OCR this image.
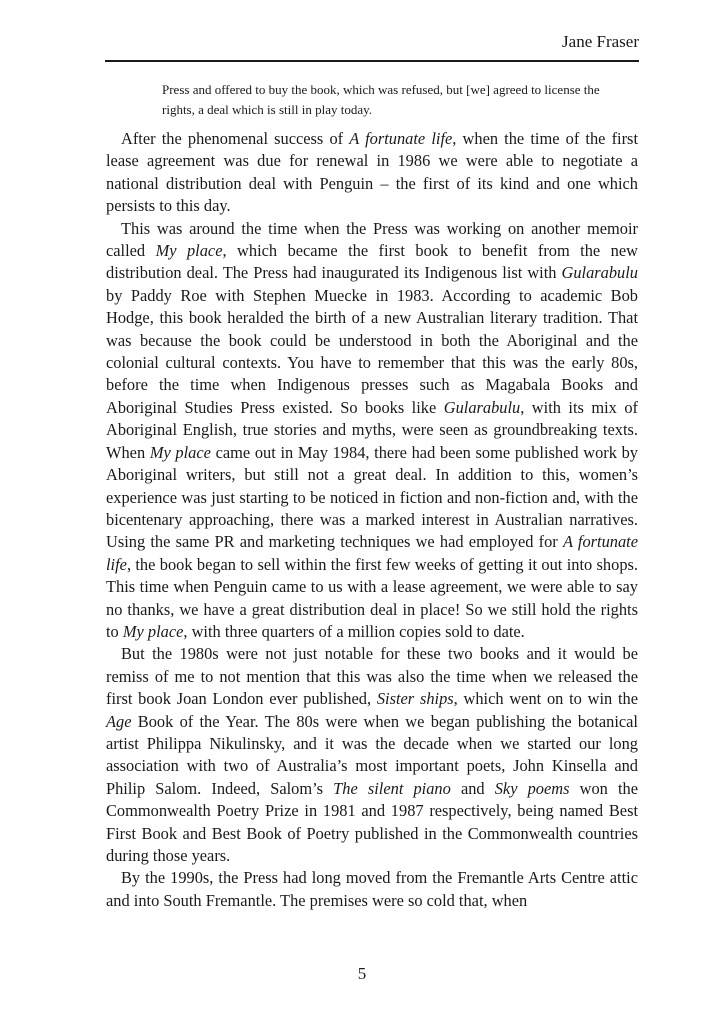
Jane Fraser
Press and offered to buy the book, which was refused, but [we] agreed to license the rights, a deal which is still in play today.

After the phenomenal success of A fortunate life, when the time of the first lease agreement was due for renewal in 1986 we were able to negotiate a national distribution deal with Penguin – the first of its kind and one which persists to this day.

This was around the time when the Press was working on another memoir called My place, which became the first book to benefit from the new distribution deal. The Press had inaugurated its Indigenous list with Gularabulu by Paddy Roe with Stephen Muecke in 1983. According to academic Bob Hodge, this book heralded the birth of a new Australian literary tradition. That was because the book could be understood in both the Aboriginal and the colonial cultural contexts. You have to remember that this was the early 80s, before the time when Indigenous presses such as Magabala Books and Aboriginal Studies Press existed. So books like Gularabulu, with its mix of Aboriginal English, true stories and myths, were seen as groundbreaking texts. When My place came out in May 1984, there had been some published work by Aboriginal writers, but still not a great deal. In addition to this, women’s experience was just starting to be noticed in fiction and non-fiction and, with the bicentenary approaching, there was a marked interest in Australian narratives. Using the same PR and marketing techniques we had employed for A fortunate life, the book began to sell within the first few weeks of getting it out into shops. This time when Penguin came to us with a lease agreement, we were able to say no thanks, we have a great distribution deal in place! So we still hold the rights to My place, with three quarters of a million copies sold to date.

But the 1980s were not just notable for these two books and it would be remiss of me to not mention that this was also the time when we released the first book Joan London ever published, Sister ships, which went on to win the Age Book of the Year. The 80s were when we began publishing the botanical artist Philippa Nikulinsky, and it was the decade when we started our long association with two of Australia’s most important poets, John Kinsella and Philip Salom. Indeed, Salom’s The silent piano and Sky poems won the Commonwealth Poetry Prize in 1981 and 1987 respectively, being named Best First Book and Best Book of Poetry published in the Commonwealth countries during those years.

By the 1990s, the Press had long moved from the Fremantle Arts Centre attic and into South Fremantle. The premises were so cold that, when

5
